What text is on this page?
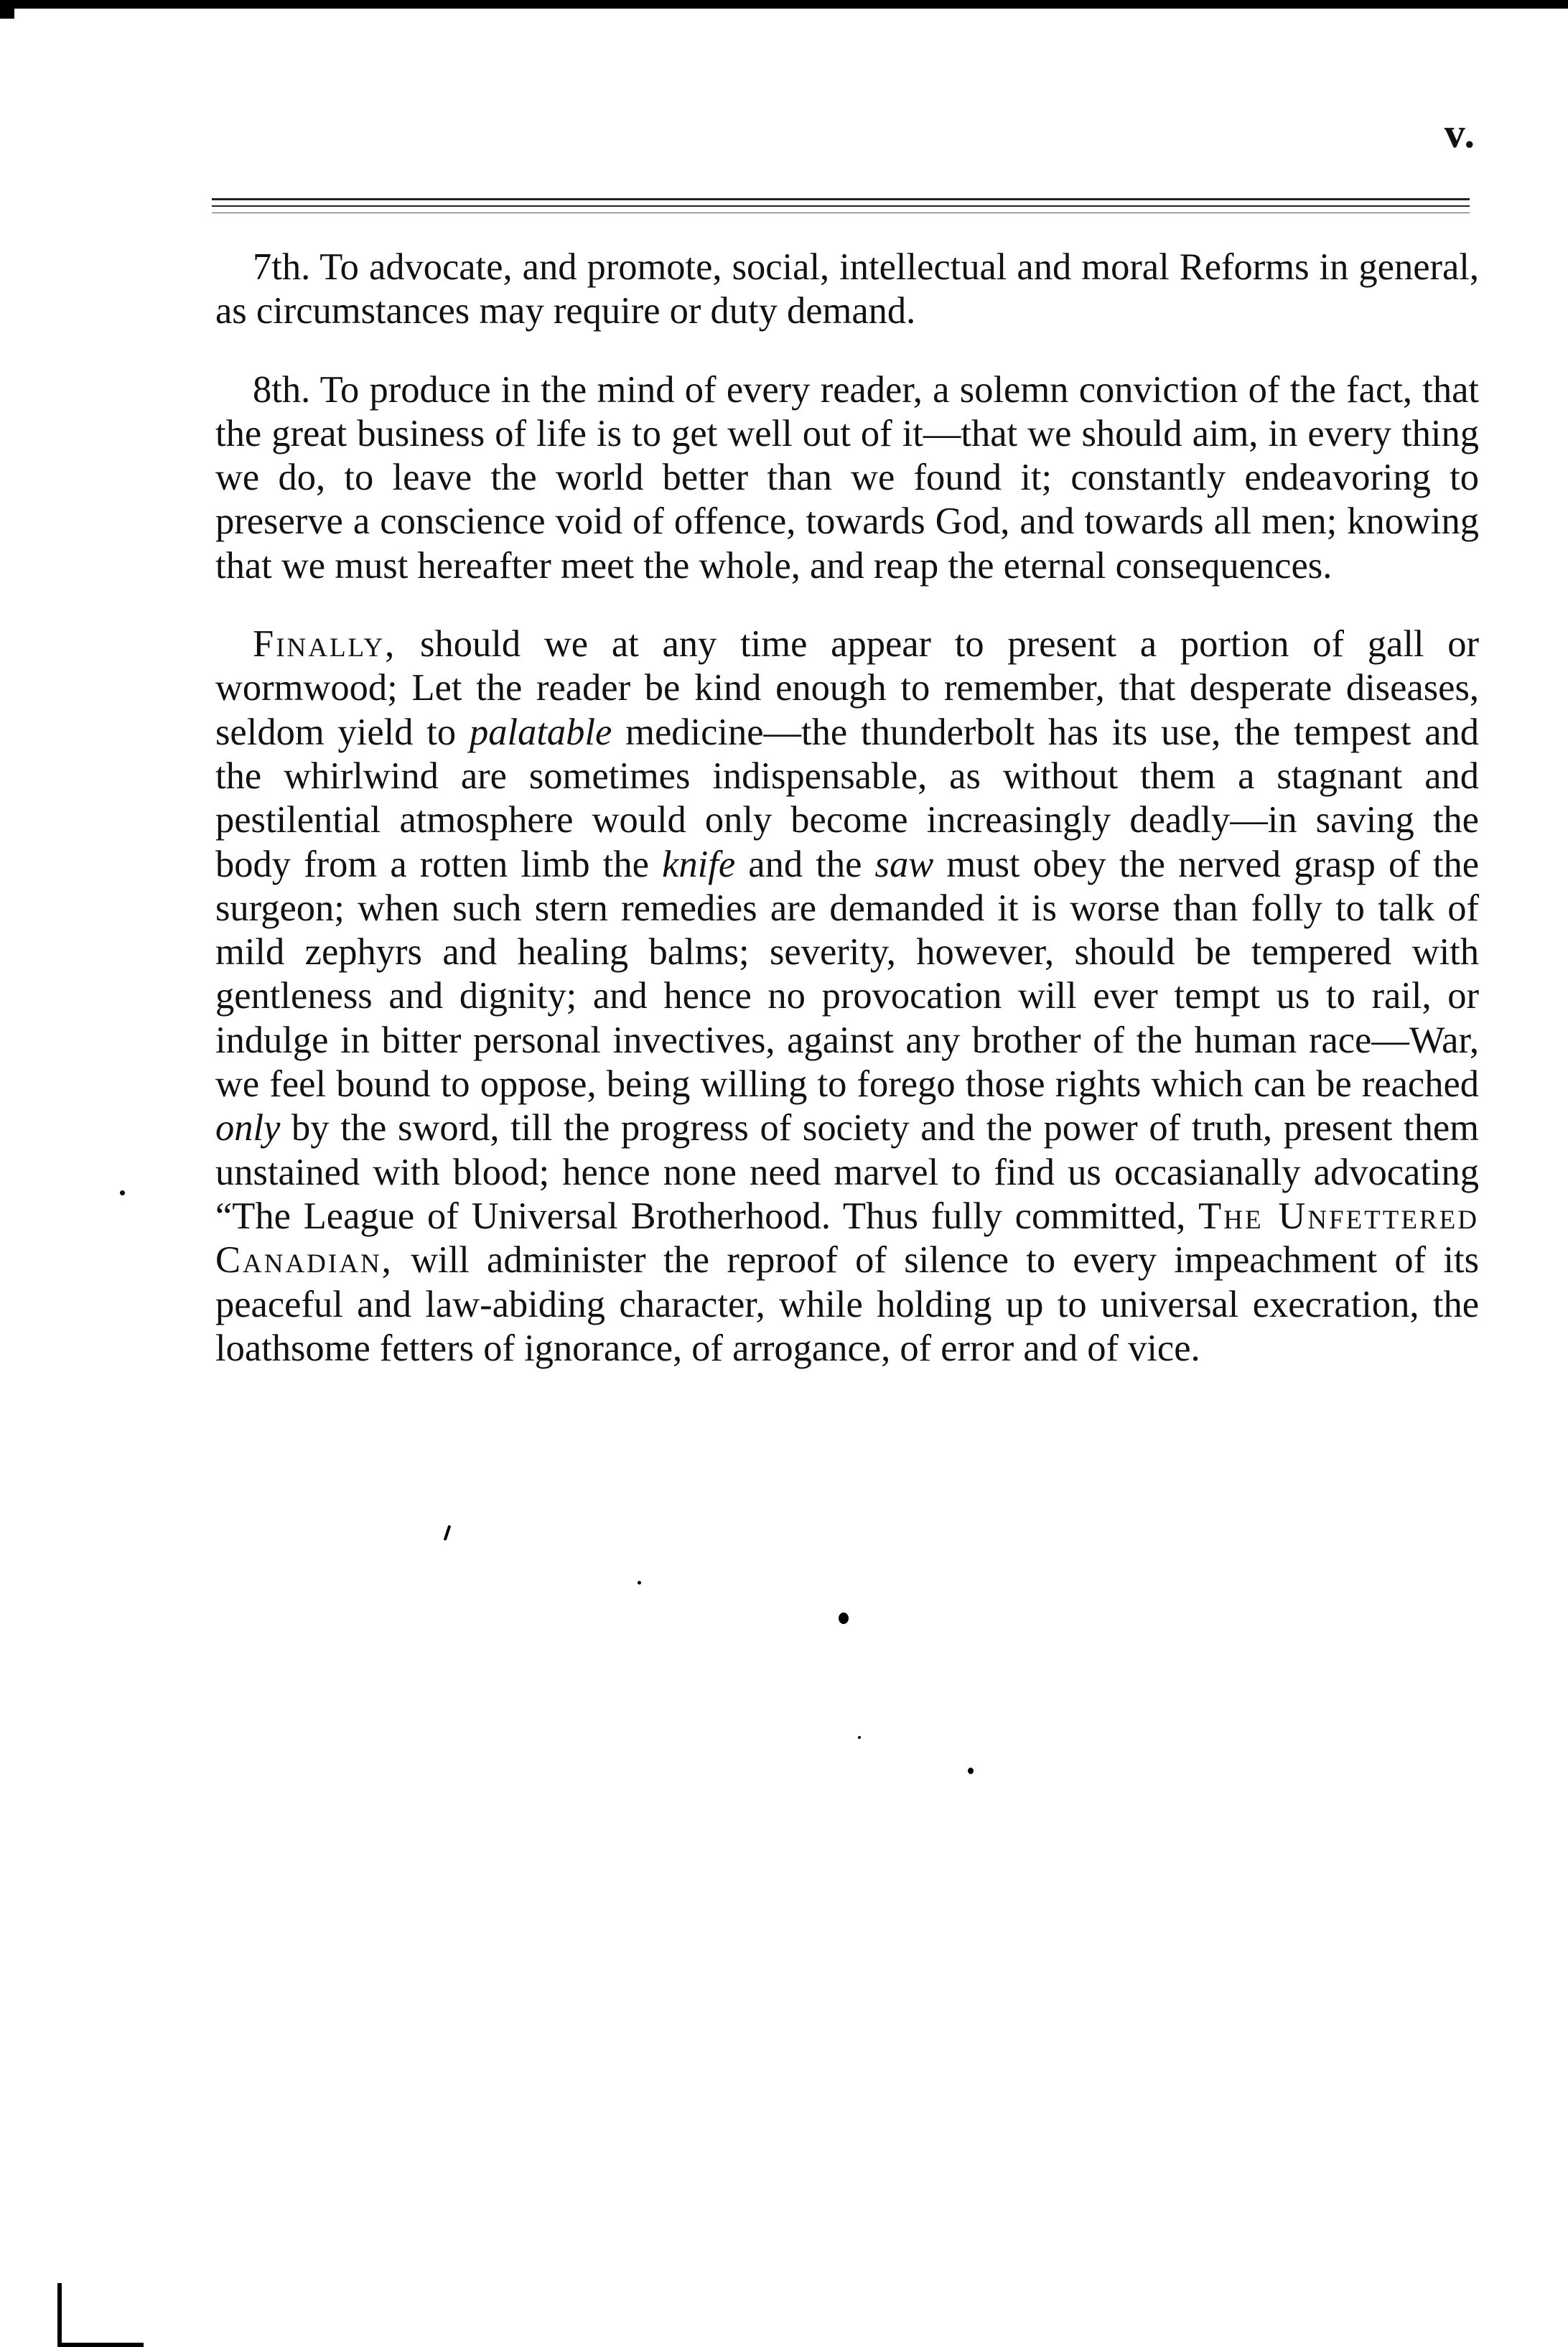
v.

7th. To advocate, and promote, social, intellectual and moral Reforms in general, as circumstances may require or duty demand.

8th. To produce in the mind of every reader, a solemn conviction of the fact, that the great business of life is to get well out of it—that we should aim, in every thing we do, to leave the world better than we found it; constantly endeavoring to preserve a conscience void of offence, towards God, and towards all men; knowing that we must hereafter meet the whole, and reap the eternal consequences.

Finally, should we at any time appear to present a portion of gall or wormwood; Let the reader be kind enough to remember, that desperate diseases, seldom yield to palatable medicine—the thunderbolt has its use, the tempest and the whirlwind are sometimes indispensable, as without them a stagnant and pestilential atmosphere would only become increasingly deadly—in saving the body from a rotten limb the knife and the saw must obey the nerved grasp of the surgeon; when such stern remedies are demanded it is worse than folly to talk of mild zephyrs and healing balms; severity, however, should be tempered with gentleness and dignity; and hence no provocation will ever tempt us to rail, or indulge in bitter personal invectives, against any brother of the human race—War, we feel bound to oppose, being willing to forego those rights which can be reached only by the sword, till the progress of society and the power of truth, present them unstained with blood; hence none need marvel to find us occasianally advocating “The League of Universal Brotherhood. Thus fully committed, The Unfettered Canadian, will administer the reproof of silence to every impeachment of its peaceful and law-abiding character, while holding up to universal execration, the loathsome fetters of ignorance, of arrogance, of error and of vice.
